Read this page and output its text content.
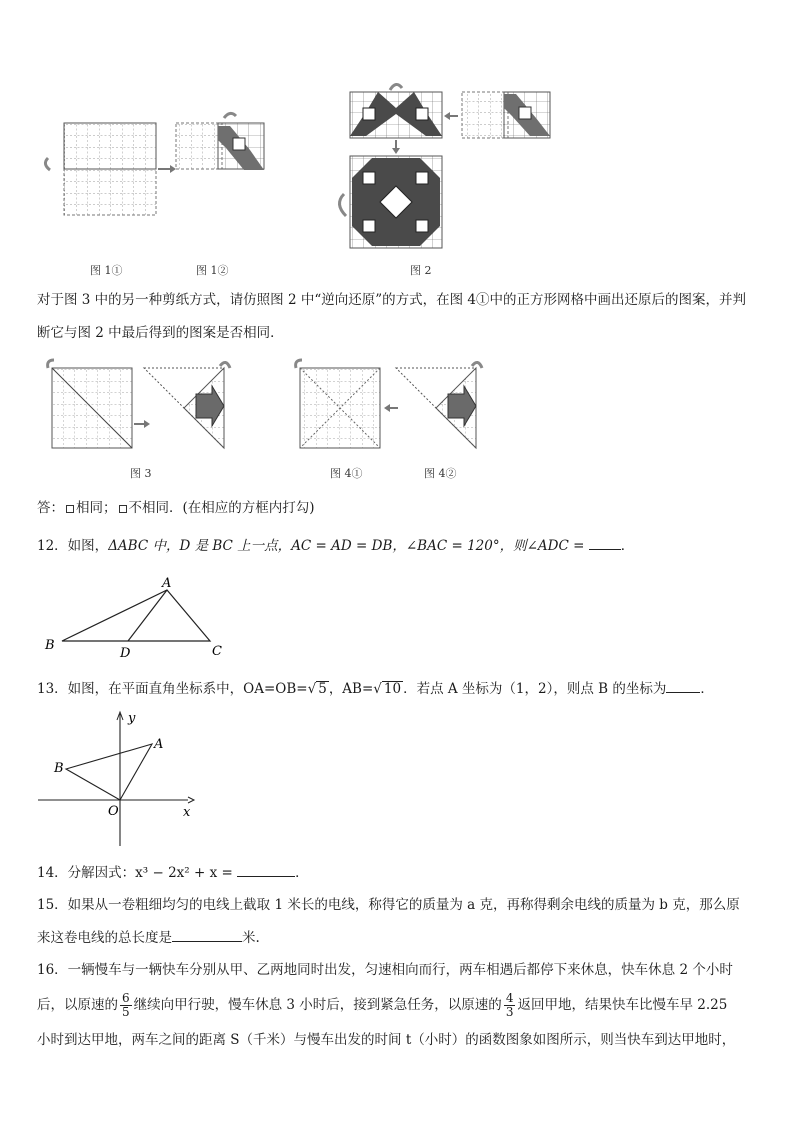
图 1①	图 1②	图 2
对于图 3 中的另一种剪纸方式，请仿照图 2 中“逆向还原”的方式，在图 4①中的正方形网格中画出还原后的图案，并判
断它与图 2 中最后得到的图案是否相同．
图 3	图 4①	图 4②
答： 相同； 不相同．(在相应的方框内打勾)
12．如图，ΔABC 中，D 是 BC 上一点，AC = AD = DB，∠BAC = 120°，则∠ADC =	．
A
B	C
D
13．如图，在平面直角坐标系中，OA=OB=√ 5 ，AB=√ 10 ．若点 A 坐标为（1，2），则点 B 的坐标为	．
y
x
A
B
O
14．分解因式：x³ − 2x² + x =	．
15．如果从一卷粗细均匀的电线上截取 1 米长的电线，称得它的质量为 a 克，再称得剩余电线的质量为 b 克，那么原
来这卷电线的总长度是	米.
16．一辆慢车与一辆快车分别从甲、乙两地同时出发，匀速相向而行，两车相遇后都停下来休息，快车休息 2 个小时
后，以原速的 $\frac{6}{5}$ 继续向甲行驶，慢车休息 3 小时后，接到紧急任务，以原速的 $\frac{4}{3}$ 返回甲地，结果快车比慢车早 2.25
小时到达甲地，两车之间的距离 S（千米）与慢车出发的时间 t（小时）的函数图象如图所示，则当快车到达甲地时，
